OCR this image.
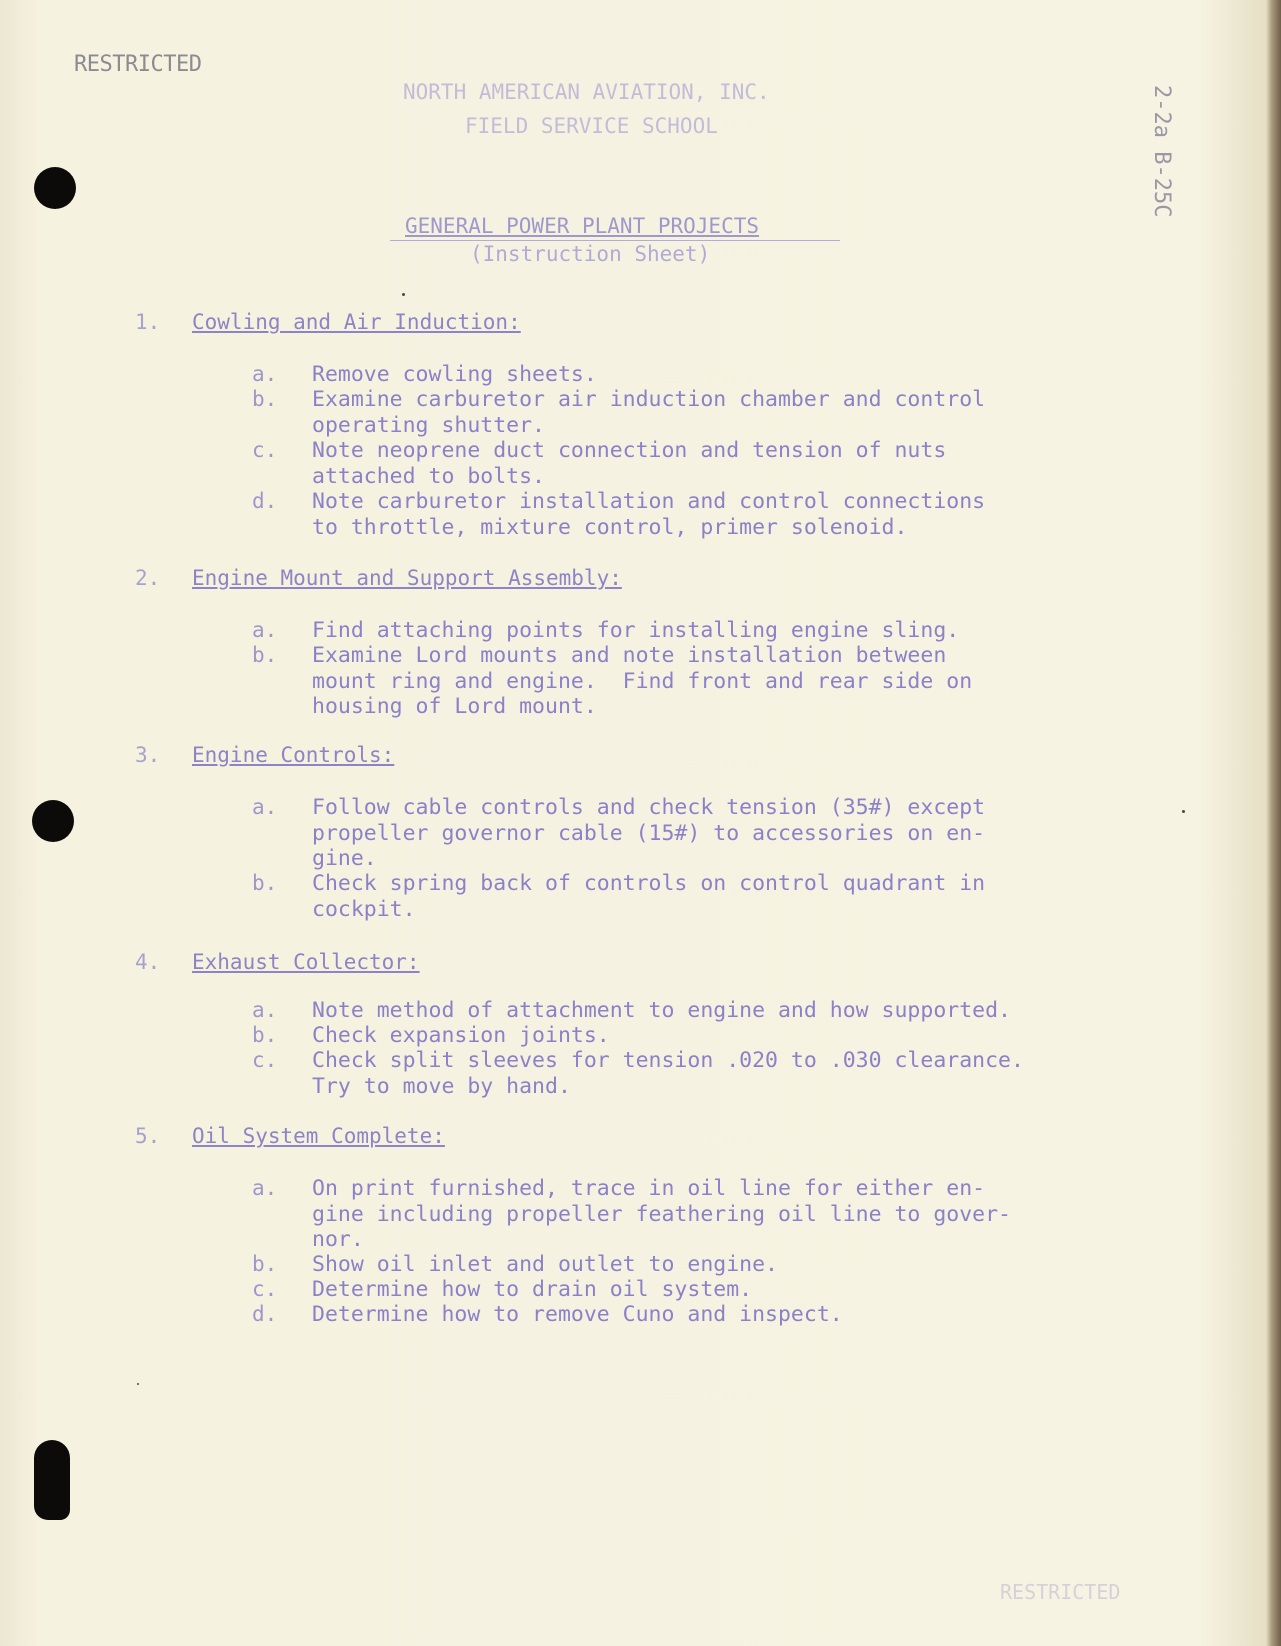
RESTRICTED
NORTH AMERICAN AVIATION, INC.
FIELD SERVICE SCHOOL	2-2a B-25C
GENERAL POWER PLANT PROJECTS
(Instruction Sheet)
1. Cowling and Air Induction:
a. Remove cowling sheets.
b. Examine carburetor air induction chamber and control
operating shutter.
c. Note neoprene duct connection and tension of nuts
attached to bolts.
d. Note carburetor installation and control connections
to throttle, mixture control, primer solenoid.
2. Engine Mount and Support Assembly:
a. Find attaching points for installing engine sling.
b. Examine Lord mounts and note installation between
mount ring and engine.  Find front and rear side on
housing of Lord mount.
3. Engine Controls:
a. Follow cable controls and check tension (35#) except
propeller governor cable (15#) to accessories on en-
gine.
b. Check spring back of controls on control quadrant in
cockpit.
4. Exhaust Collector:
a. Note method of attachment to engine and how supported.
b. Check expansion joints.
c. Check split sleeves for tension .020 to .030 clearance.
Try to move by hand.
5. Oil System Complete:
a. On print furnished, trace in oil line for either en-
gine including propeller feathering oil line to gover-
nor.
b. Show oil inlet and outlet to engine.
c. Determine how to drain oil system.
d. Determine how to remove Cuno and inspect.
RESTRICTED
